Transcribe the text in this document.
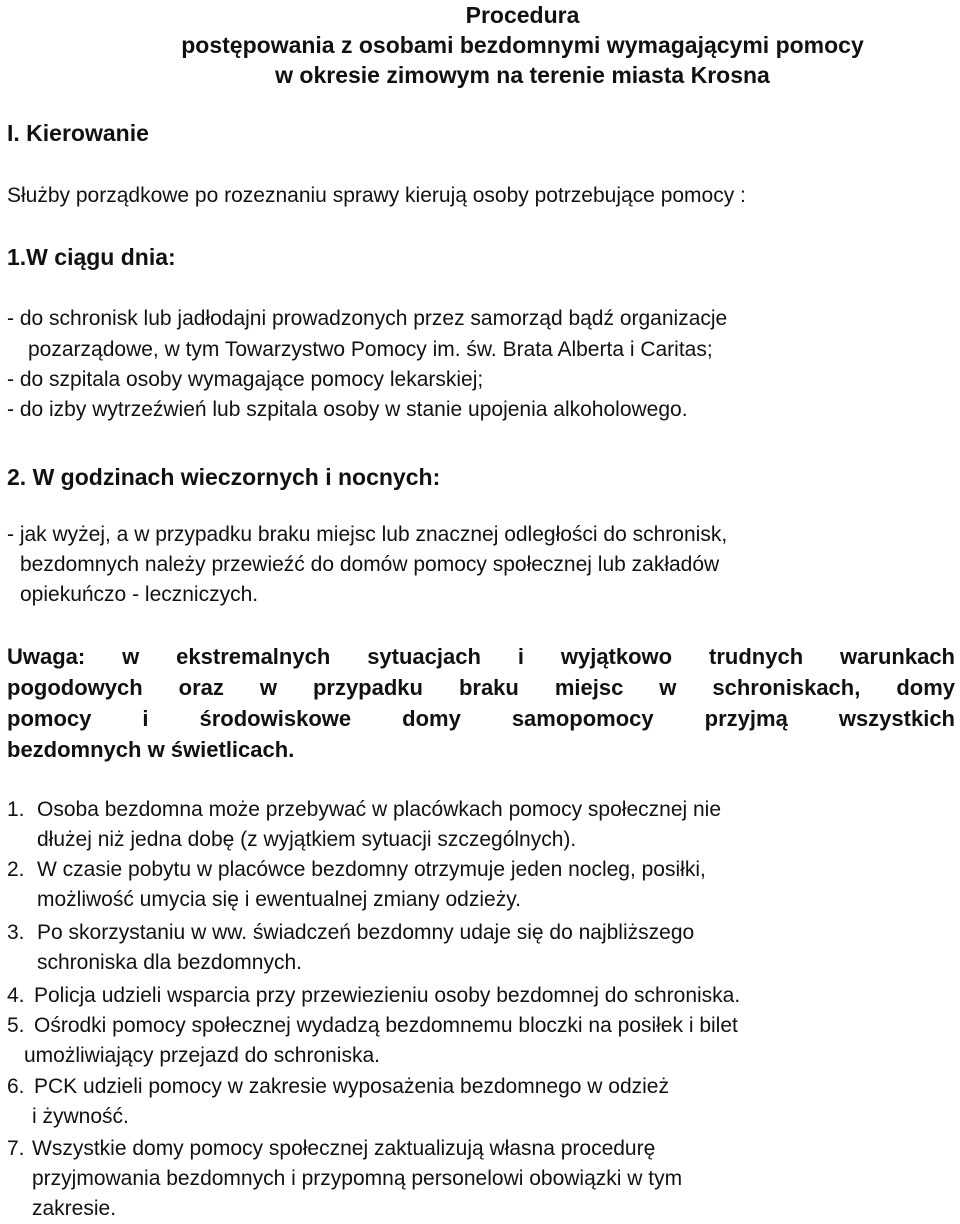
Procedura
postępowania z osobami bezdomnymi wymagającymi pomocy
w okresie zimowym na terenie miasta Krosna
I. Kierowanie
Służby porządkowe po rozeznaniu sprawy kierują osoby potrzebujące pomocy :
1.W ciągu dnia:
- do schronisk lub jadłodajni prowadzonych przez samorząd bądź organizacje
pozarządowe, w tym Towarzystwo Pomocy im. św. Brata Alberta i Caritas;
- do szpitala osoby wymagające pomocy lekarskiej;
- do izby wytrzeźwień lub szpitala osoby w stanie upojenia alkoholowego.
2. W godzinach wieczornych i nocnych:
- jak wyżej, a w przypadku braku miejsc lub znacznej odległości do schronisk,
bezdomnych należy przewieźć do domów pomocy społecznej lub zakładów
opiekuńczo - leczniczych.
Uwaga: w ekstremalnych sytuacjach i wyjątkowo trudnych warunkach
pogodowych oraz w przypadku braku miejsc w schroniskach, domy
pomocy i środowiskowe domy samopomocy przyjmą wszystkich
bezdomnych w świetlicach.
1. Osoba bezdomna może przebywać w placówkach pomocy społecznej nie
dłużej niż jedna dobę (z wyjątkiem sytuacji szczególnych).
2. W czasie pobytu w placówce bezdomny otrzymuje jeden nocleg, posiłki,
możliwość umycia się i ewentualnej zmiany odzieży.
3. Po skorzystaniu w ww. świadczeń bezdomny udaje się do najbliższego
schroniska dla bezdomnych.
4. Policja udzieli wsparcia przy przewiezieniu osoby bezdomnej do schroniska.
5. Ośrodki pomocy społecznej wydadzą bezdomnemu bloczki na posiłek i bilet
umożliwiający przejazd do schroniska.
6. PCK udzieli pomocy w zakresie wyposażenia bezdomnego w odzież
i żywność.
7. Wszystkie domy pomocy społecznej zaktualizują własna procedurę
przyjmowania bezdomnych i przypomną personelowi obowiązki w tym
zakresie.
